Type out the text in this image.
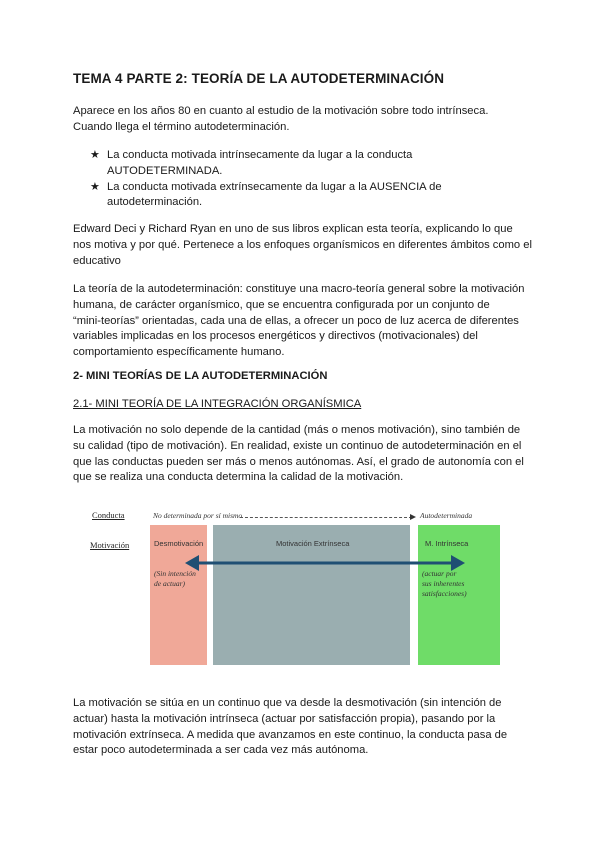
TEMA 4 PARTE 2: TEORÍA DE LA AUTODETERMINACIÓN
Aparece en los años 80 en cuanto al estudio de la motivación sobre todo intrínseca.
Cuando llega el término autodeterminación.
★ La conducta motivada intrínsecamente da lugar a la conducta
AUTODETERMINADA.
★ La conducta motivada extrínsecamente da lugar a la AUSENCIA de
autodeterminación.
Edward Deci y Richard Ryan en uno de sus libros explican esta teoría, explicando lo que
nos motiva y por qué. Pertenece a los enfoques organísmicos en diferentes ámbitos como el
educativo
La teoría de la autodeterminación: constituye una macro-teoría general sobre la motivación
humana, de carácter organísmico, que se encuentra configurada por un conjunto de
“mini-teorías” orientadas, cada una de ellas, a ofrecer un poco de luz acerca de diferentes
variables implicadas en los procesos energéticos y directivos (motivacionales) del
comportamiento específicamente humano.
2- MINI TEORÍAS DE LA AUTODETERMINACIÓN
2.1- MINI TEORÍA DE LA INTEGRACIÓN ORGANÍSMICA
La motivación no solo depende de la cantidad (más o menos motivación), sino también de
su calidad (tipo de motivación). En realidad, existe un continuo de autodeterminación en el
que las conductas pueden ser más o menos autónomas. Así, el grado de autonomía con el
que se realiza una conducta determina la calidad de la motivación.
La motivación se sitúa en un continuo que va desde la desmotivación (sin intención de
actuar) hasta la motivación intrínseca (actuar por satisfacción propia), pasando por la
motivación extrínseca. A medida que avanzamos en este continuo, la conducta pasa de
estar poco autodeterminada a ser cada vez más autónoma.
Conducta
Motivación
No determinada por sí mismo	Autodeterminada
Desmotivación	Motivación Extrínseca	M. Intrínseca
(Sin intención
de actuar)
(actuar por
sus inherentes
satisfacciones)
